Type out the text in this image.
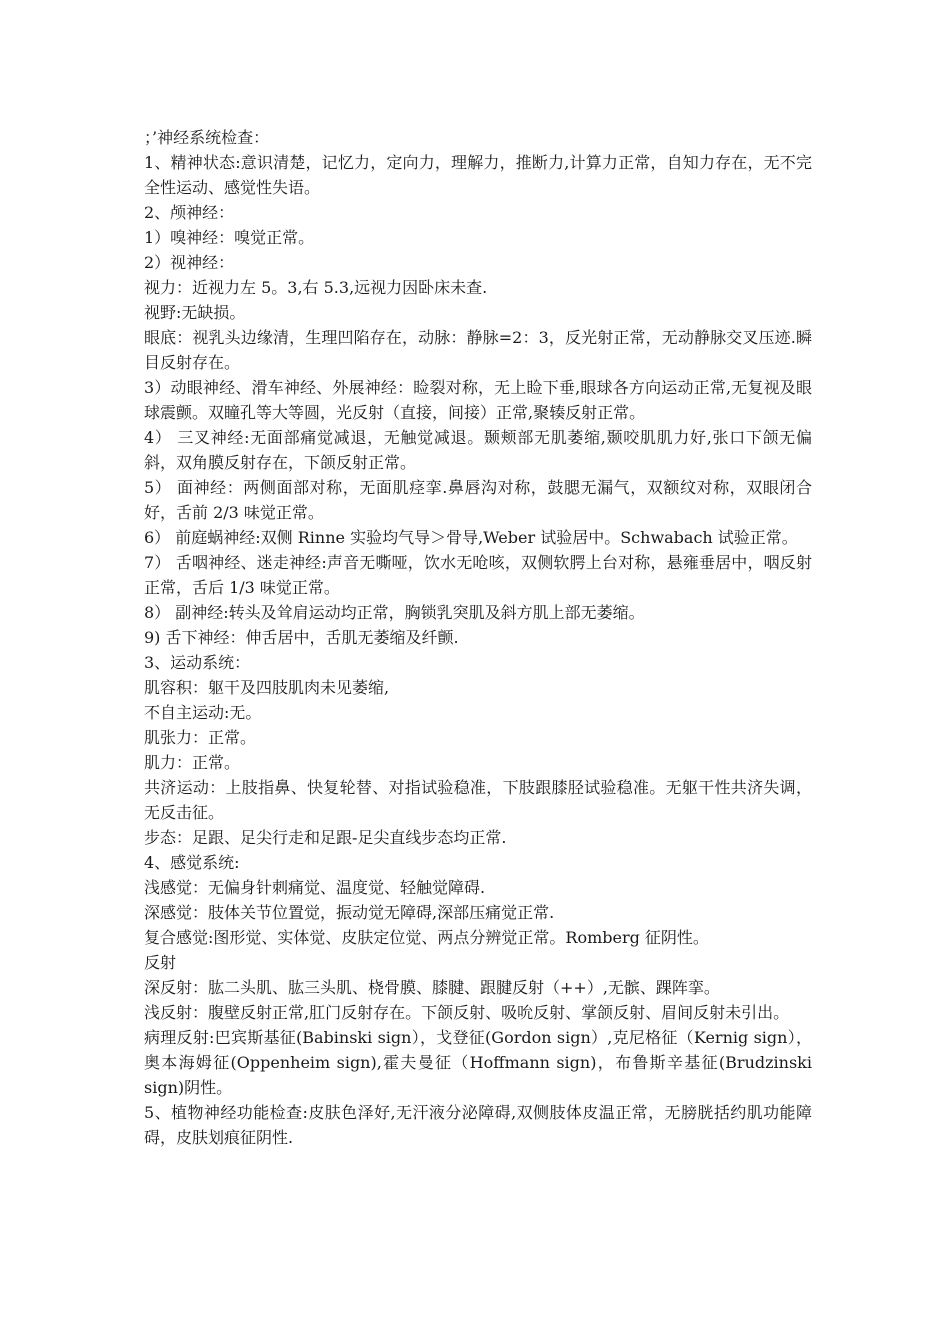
；’神经系统检查：

1、精神状态:意识清楚，记忆力，定向力，理解力，推断力,计算力正常，自知力存在，无不完全性运动、感觉性失语。

2、颅神经：

1）嗅神经：嗅觉正常。

2）视神经：

视力：近视力左 5。3,右 5.3,远视力因卧床未查.

视野:无缺损。

眼底：视乳头边缘清，生理凹陷存在，动脉：静脉=2：3，反光射正常，无动静脉交叉压迹.瞬目反射存在。

3）动眼神经、滑车神经、外展神经：睑裂对称，无上睑下垂,眼球各方向运动正常,无复视及眼球震颤。双瞳孔等大等圆，光反射（直接，间接）正常,聚辏反射正常。

4） 三叉神经:无面部痛觉减退，无触觉减退。颞颊部无肌萎缩,颞咬肌肌力好,张口下颌无偏斜，双角膜反射存在，下颌反射正常。

5） 面神经：两侧面部对称，无面肌痉挛.鼻唇沟对称，鼓腮无漏气，双额纹对称，双眼闭合好，舌前 2/3 味觉正常。

6） 前庭蜗神经:双侧 Rinne 实验均气导＞骨导,Weber 试验居中。Schwabach 试验正常。

7） 舌咽神经、迷走神经:声音无嘶哑，饮水无呛咳，双侧软腭上台对称，悬雍垂居中，咽反射正常，舌后 1/3 味觉正常。

8） 副神经:转头及耸肩运动均正常，胸锁乳突肌及斜方肌上部无萎缩。

9) 舌下神经：伸舌居中，舌肌无萎缩及纤颤.

3、运动系统：

肌容积：躯干及四肢肌肉未见萎缩,

不自主运动:无。

肌张力：正常。

肌力：正常。

共济运动：上肢指鼻、快复轮替、对指试验稳准，下肢跟膝胫试验稳准。无躯干性共济失调，无反击征。

步态：足跟、足尖行走和足跟-足尖直线步态均正常.

4、感觉系统:

浅感觉：无偏身针刺痛觉、温度觉、轻触觉障碍.

深感觉：肢体关节位置觉，振动觉无障碍,深部压痛觉正常.

复合感觉:图形觉、实体觉、皮肤定位觉、两点分辨觉正常。Romberg 征阴性。

反射

深反射：肱二头肌、肱三头肌、桡骨膜、膝腱、跟腱反射（++）,无髌、踝阵挛。

浅反射：腹壁反射正常,肛门反射存在。下颌反射、吸吮反射、掌颌反射、眉间反射未引出。

病理反射:巴宾斯基征(Babinski sign），戈登征(Gordon sign）,克尼格征（Kernig sign），奥本海姆征(Oppenheim sign),霍夫曼征（Hoffmann sign)，布鲁斯辛基征(Brudzinski sign)阴性。

5、植物神经功能检查:皮肤色泽好,无汗液分泌障碍,双侧肢体皮温正常，无膀胱括约肌功能障碍，皮肤划痕征阴性.
